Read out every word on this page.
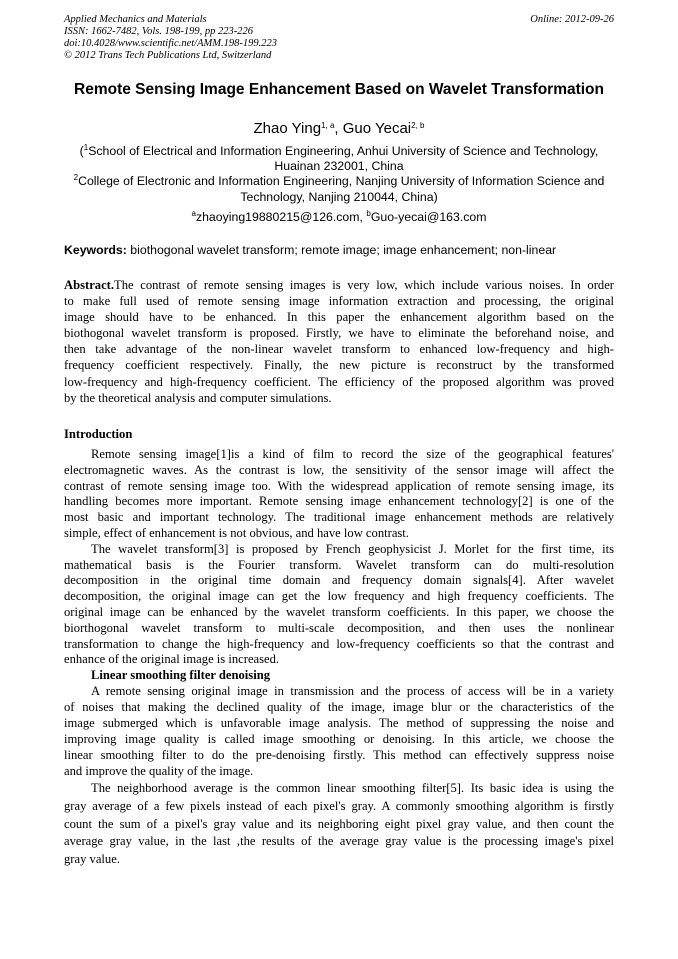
Applied Mechanics and Materials
ISSN: 1662-7482, Vols. 198-199, pp 223-226
doi:10.4028/www.scientific.net/AMM.198-199.223
© 2012 Trans Tech Publications Ltd, Switzerland
Online: 2012-09-26
Remote Sensing Image Enhancement Based on Wavelet Transformation
Zhao Ying$^{1, a}$, Guo Yecai$^{2, b}$
($^1$School of Electrical and Information Engineering, Anhui University of Science and Technology,
Huainan 232001, China
$^2$College of Electronic and Information Engineering, Nanjing University of Information Science and
Technology, Nanjing 210044, China)
$^a$zhaoying19880215@126.com, $^b$Guo-yecai@163.com
Keywords: biothogonal wavelet transform; remote image; image enhancement; non-linear
Abstract.The contrast of remote sensing images is very low, which include various noises. In order
to make full used of remote sensing image information extraction and processing, the original
image should have to be enhanced. In this paper the enhancement algorithm based on the
biothogonal wavelet transform is proposed. Firstly, we have to eliminate the beforehand noise, and
then take advantage of the non-linear wavelet transform to enhanced low-frequency and high-
frequency coefficient respectively. Finally, the new picture is reconstruct by the transformed
low-frequency and high-frequency coefficient. The efficiency of the proposed algorithm was proved
by the theoretical analysis and computer simulations.
Introduction
Remote sensing image[1]is a kind of film to record the size of the geographical features'
electromagnetic waves. As the contrast is low, the sensitivity of the sensor image will affect the
contrast of remote sensing image too. With the widespread application of remote sensing image, its
handling becomes more important. Remote sensing image enhancement technology[2] is one of the
most basic and important technology. The traditional image enhancement methods are relatively
simple, effect of enhancement is not obvious, and have low contrast.
The wavelet transform[3] is proposed by French geophysicist J. Morlet for the first time, its
mathematical basis is the Fourier transform. Wavelet transform can do multi-resolution
decomposition in the original time domain and frequency domain signals[4]. After wavelet
decomposition, the original image can get the low frequency and high frequency coefficients. The
original image can be enhanced by the wavelet transform coefficients. In this paper, we choose the
biorthogonal wavelet transform to multi-scale decomposition, and then uses the nonlinear
transformation to change the high-frequency and low-frequency coefficients so that the contrast and
enhance of the original image is increased.
Linear smoothing filter denoising
A remote sensing original image in transmission and the process of access will be in a variety
of noises that making the declined quality of the image, image blur or the characteristics of the
image submerged which is unfavorable image analysis. The method of suppressing the noise and
improving image quality is called image smoothing or denoising. In this article, we choose the
linear smoothing filter to do the pre-denoising firstly. This method can effectively suppress noise
and improve the quality of the image.
The neighborhood average is the common linear smoothing filter[5]. Its basic idea is using the
gray average of a few pixels instead of each pixel's gray. A commonly smoothing algorithm is firstly
count the sum of a pixel's gray value and its neighboring eight pixel gray value, and then count the
average gray value, in the last ,the results of the average gray value is the processing image's pixel
gray value.
